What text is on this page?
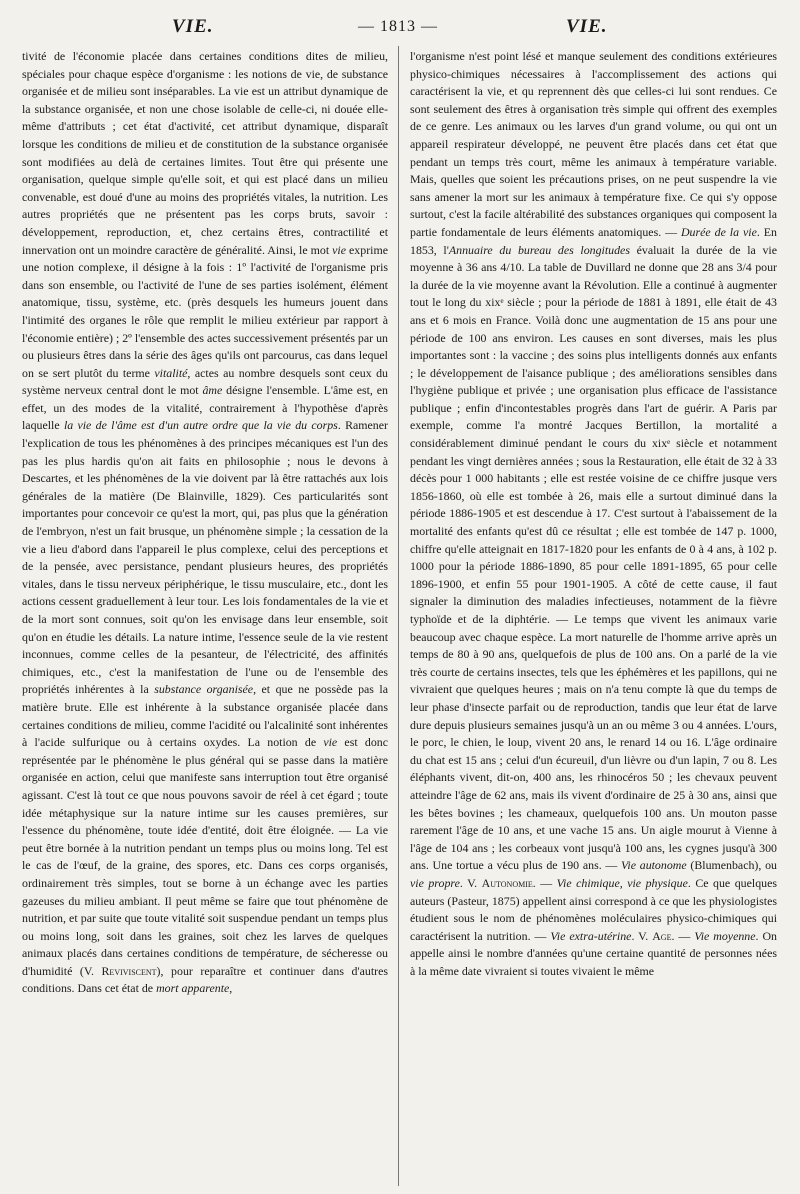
VIE.	— 1813 —	VIE.

tivité de l'économie placée dans certaines conditions dites de milieu, spéciales pour chaque espèce d'organisme : les notions de vie, de substance organisée et de milieu sont inséparables. La vie est un attribut dynamique de la substance organisée, et non une chose isolable de celle-ci, ni douée elle-même d'attributs ; cet état d'activité, cet attribut dynamique, disparaît lorsque les conditions de milieu et de constitution de la substance organisée sont modifiées au delà de certaines limites. Tout être qui présente une organisation, quelque simple qu'elle soit, et qui est placé dans un milieu convenable, est doué d'une au moins des propriétés vitales, la nutrition. Les autres propriétés que ne présentent pas les corps bruts, savoir : développement, reproduction, et, chez certains êtres, contractilité et innervation ont un moindre caractère de généralité. Ainsi, le mot vie exprime une notion complexe, il désigne à la fois : 1º l'activité de l'organisme pris dans son ensemble, ou l'activité de l'une de ses parties isolément, élément anatomique, tissu, système, etc. (près desquels les humeurs jouent dans l'intimité des organes le rôle que remplit le milieu extérieur par rapport à l'économie entière) ; 2º l'ensemble des actes successivement présentés par un ou plusieurs êtres dans la série des âges qu'ils ont parcourus, cas dans lequel on se sert plutôt du terme vitalité, actes au nombre desquels sont ceux du système nerveux central dont le mot âme désigne l'ensemble. L'âme est, en effet, un des modes de la vitalité, contrairement à l'hypothèse d'après laquelle la vie de l'âme est d'un autre ordre que la vie du corps. Ramener l'explication de tous les phénomènes à des principes mécaniques est l'un des pas les plus hardis qu'on ait faits en philosophie ; nous le devons à Descartes, et les phénomènes de la vie doivent par là être rattachés aux lois générales de la matière (De Blainville, 1829). Ces particularités sont importantes pour concevoir ce qu'est la mort, qui, pas plus que la génération de l'embryon, n'est un fait brusque, un phénomène simple ; la cessation de la vie a lieu d'abord dans l'appareil le plus complexe, celui des perceptions et de la pensée, avec persistance, pendant plusieurs heures, des propriétés vitales, dans le tissu nerveux périphérique, le tissu musculaire, etc., dont les actions cessent graduellement à leur tour. Les lois fondamentales de la vie et de la mort sont connues, soit qu'on les envisage dans leur ensemble, soit qu'on en étudie les détails. La nature intime, l'essence seule de la vie restent inconnues, comme celles de la pesanteur, de l'électricité, des affinités chimiques, etc., c'est la manifestation de l'une ou de l'ensemble des propriétés inhérentes à la substance organisée, et que ne possède pas la matière brute. Elle est inhérente à la substance organisée placée dans certaines conditions de milieu, comme l'acidité ou l'alcalinité sont inhérentes à l'acide sulfurique ou à certains oxydes. La notion de vie est donc représentée par le phénomène le plus général qui se passe dans la matière organisée en action, celui que manifeste sans interruption tout être organisé agissant. C'est là tout ce que nous pouvons savoir de réel à cet égard ; toute idée métaphysique sur la nature intime sur les causes premières, sur l'essence du phénomène, toute idée d'entité, doit être éloignée. — La vie peut être bornée à la nutrition pendant un temps plus ou moins long. Tel est le cas de l'œuf, de la graine, des spores, etc. Dans ces corps organisés, ordinairement très simples, tout se borne à un échange avec les parties gazeuses du milieu ambiant. Il peut même se faire que tout phénomène de nutrition, et par suite que toute vitalité soit suspendue pendant un temps plus ou moins long, soit dans les graines, soit chez les larves de quelques animaux placés dans certaines conditions de température, de sécheresse ou d'humidité (V. Reviviscent), pour reparaître et continuer dans d'autres conditions. Dans cet état de mort apparente,

l'organisme n'est point lésé et manque seulement des conditions extérieures physico-chimiques nécessaires à l'accomplissement des actions qui caractérisent la vie, et qu reprennent dès que celles-ci lui sont rendues. Ce sont seulement des êtres à organisation très simple qui offrent des exemples de ce genre. Les animaux ou les larves d'un grand volume, ou qui ont un appareil respirateur développé, ne peuvent être placés dans cet état que pendant un temps très court, même les animaux à température variable. Mais, quelles que soient les précautions prises, on ne peut suspendre la vie sans amener la mort sur les animaux à température fixe. Ce qui s'y oppose surtout, c'est la facile altérabilité des substances organiques qui composent la partie fondamentale de leurs éléments anatomiques. — Durée de la vie. En 1853, l'Annuaire du bureau des longitudes évaluait la durée de la vie moyenne à 36 ans 4/10. La table de Duvillard ne donne que 28 ans 3/4 pour la durée de la vie moyenne avant la Révolution. Elle a continué à augmenter tout le long du xixᵉ siècle ; pour la période de 1881 à 1891, elle était de 43 ans et 6 mois en France. Voilà donc une augmentation de 15 ans pour une période de 100 ans environ. Les causes en sont diverses, mais les plus importantes sont : la vaccine ; des soins plus intelligents donnés aux enfants ; le développement de l'aisance publique ; des améliorations sensibles dans l'hygiène publique et privée ; une organisation plus efficace de l'assistance publique ; enfin d'incontestables progrès dans l'art de guérir. A Paris par exemple, comme l'a montré Jacques Bertillon, la mortalité a considérablement diminué pendant le cours du xixᵉ siècle et notamment pendant les vingt dernières années ; sous la Restauration, elle était de 32 à 33 décès pour 1 000 habitants ; elle est restée voisine de ce chiffre jusque vers 1856-1860, où elle est tombée à 26, mais elle a surtout diminué dans la période 1886-1905 et est descendue à 17. C'est surtout à l'abaissement de la mortalité des enfants qu'est dû ce résultat ; elle est tombée de 147 p. 1000, chiffre qu'elle atteignait en 1817-1820 pour les enfants de 0 à 4 ans, à 102 p. 1000 pour la période 1886-1890, 85 pour celle 1891-1895, 65 pour celle 1896-1900, et enfin 55 pour 1901-1905. A côté de cette cause, il faut signaler la diminution des maladies infectieuses, notamment de la fièvre typhoïde et de la diphtérie. — Le temps que vivent les animaux varie beaucoup avec chaque espèce. La mort naturelle de l'homme arrive après un temps de 80 à 90 ans, quelquefois de plus de 100 ans. On a parlé de la vie très courte de certains insectes, tels que les éphémères et les papillons, qui ne vivraient que quelques heures ; mais on n'a tenu compte là que du temps de leur phase d'insecte parfait ou de reproduction, tandis que leur état de larve dure depuis plusieurs semaines jusqu'à un an ou même 3 ou 4 années. L'ours, le porc, le chien, le loup, vivent 20 ans, le renard 14 ou 16. L'âge ordinaire du chat est 15 ans ; celui d'un écureuil, d'un lièvre ou d'un lapin, 7 ou 8. Les éléphants vivent, dit-on, 400 ans, les rhinocéros 50 ; les chevaux peuvent atteindre l'âge de 62 ans, mais ils vivent d'ordinaire de 25 à 30 ans, ainsi que les bêtes bovines ; les chameaux, quelquefois 100 ans. Un mouton passe rarement l'âge de 10 ans, et une vache 15 ans. Un aigle mourut à Vienne à l'âge de 104 ans ; les corbeaux vont jusqu'à 100 ans, les cygnes jusqu'à 300 ans. Une tortue a vécu plus de 190 ans. — Vie autonome (Blumenbach), ou vie propre. V. Autonomie. — Vie chimique, vie physique. Ce que quelques auteurs (Pasteur, 1875) appellent ainsi correspond à ce que les physiologistes étudient sous le nom de phénomènes moléculaires physico-chimiques qui caractérisent la nutrition. — Vie extra-utérine. V. Age. — Vie moyenne. On appelle ainsi le nombre d'années qu'une certaine quantité de personnes nées à la même date vivraient si toutes vivaient le même
